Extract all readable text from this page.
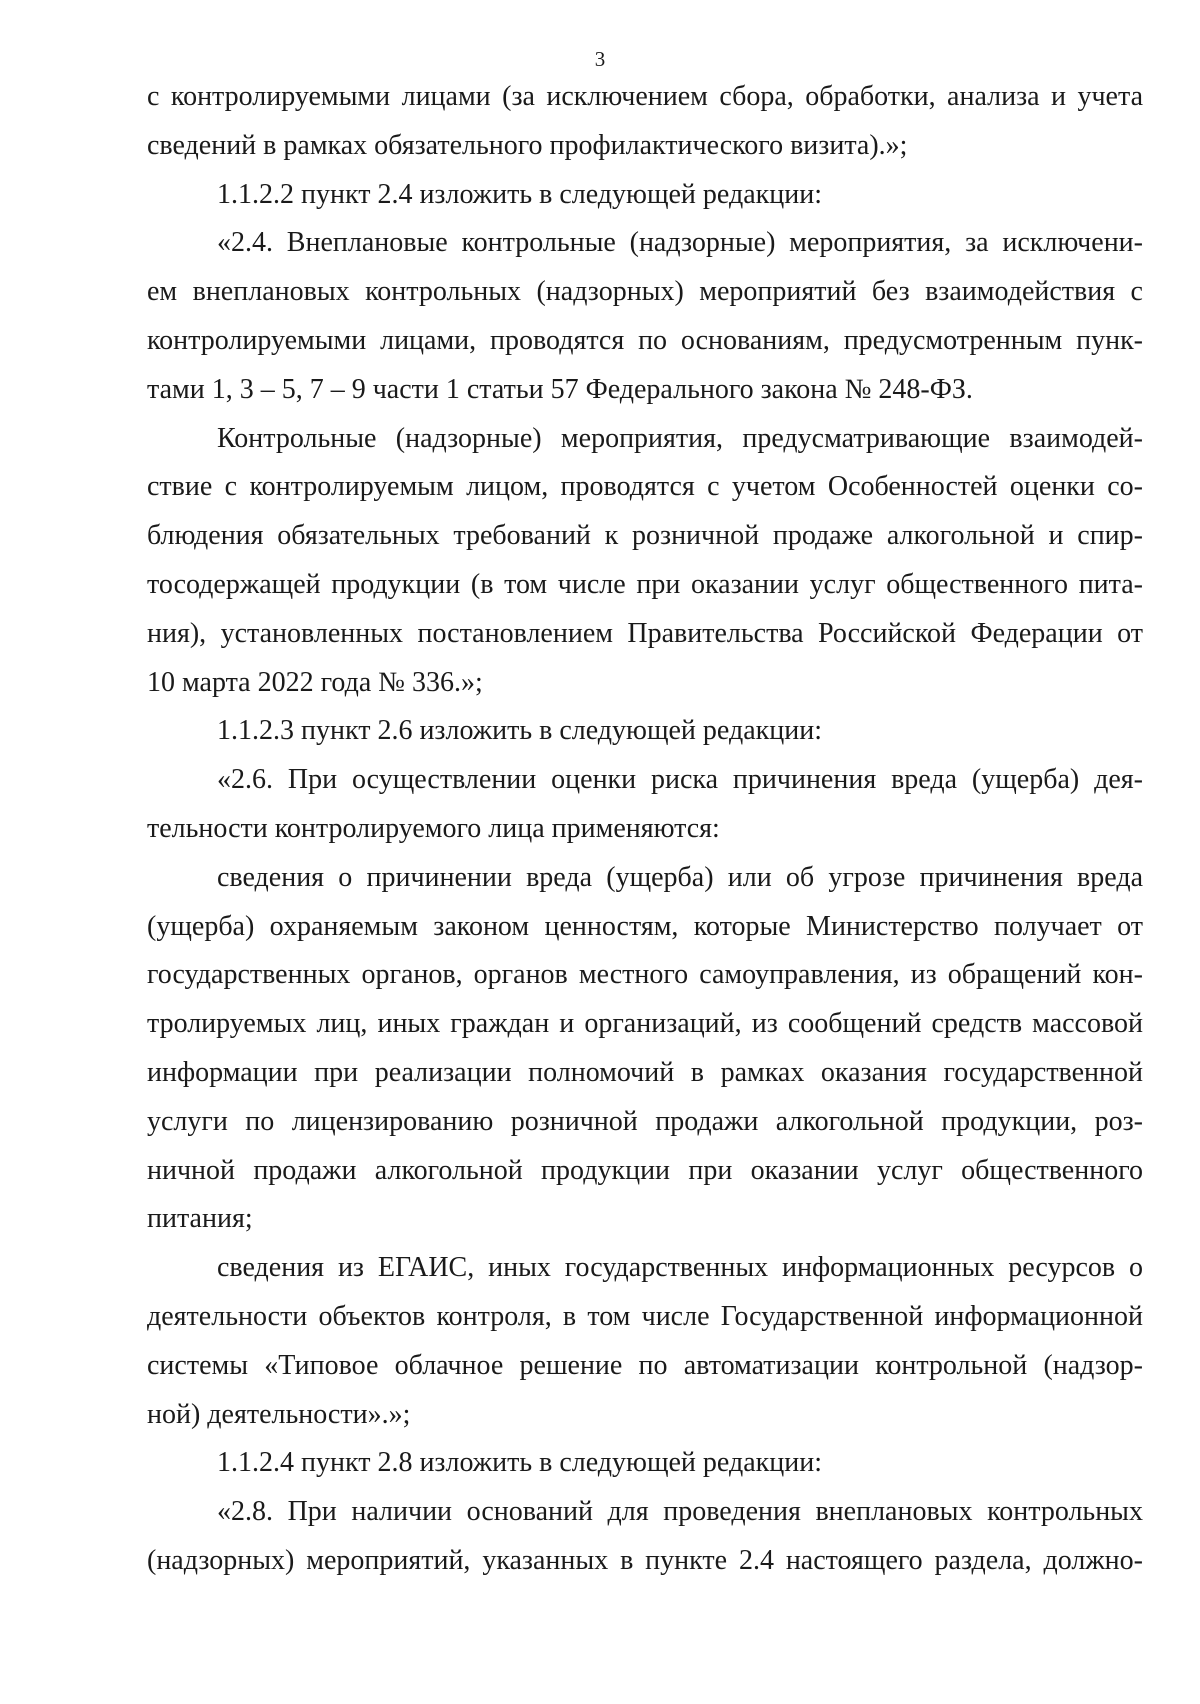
3
с контролируемыми лицами (за исключением сбора, обработки, анализа и учета
сведений в рамках обязательного профилактического визита).»;
1.1.2.2 пункт 2.4 изложить в следующей редакции:
«2.4. Внеплановые контрольные (надзорные) мероприятия, за исключени-
ем внеплановых контрольных (надзорных) мероприятий без взаимодействия с
контролируемыми лицами, проводятся по основаниям, предусмотренным пунк-
тами 1, 3 – 5, 7 – 9 части 1 статьи 57 Федерального закона № 248-ФЗ.
Контрольные (надзорные) мероприятия, предусматривающие взаимодей-
ствие с контролируемым лицом, проводятся с учетом Особенностей оценки со-
блюдения обязательных требований к розничной продаже алкогольной и спир-
тосодержащей продукции (в том числе при оказании услуг общественного пита-
ния), установленных постановлением Правительства Российской Федерации от
10 марта 2022 года № 336.»;
1.1.2.3 пункт 2.6 изложить в следующей редакции:
«2.6. При осуществлении оценки риска причинения вреда (ущерба) дея-
тельности контролируемого лица применяются:
сведения о причинении вреда (ущерба) или об угрозе причинения вреда
(ущерба) охраняемым законом ценностям, которые Министерство получает от
государственных органов, органов местного самоуправления, из обращений кон-
тролируемых лиц, иных граждан и организаций, из сообщений средств массовой
информации при реализации полномочий в рамках оказания государственной
услуги по лицензированию розничной продажи алкогольной продукции, роз-
ничной продажи алкогольной продукции при оказании услуг общественного
питания;
сведения из ЕГАИС, иных государственных информационных ресурсов о
деятельности объектов контроля, в том числе Государственной информационной
системы «Типовое облачное решение по автоматизации контрольной (надзор-
ной) деятельности».»;
1.1.2.4 пункт 2.8 изложить в следующей редакции:
«2.8. При наличии оснований для проведения внеплановых контрольных
(надзорных) мероприятий, указанных в пункте 2.4 настоящего раздела, должно-
